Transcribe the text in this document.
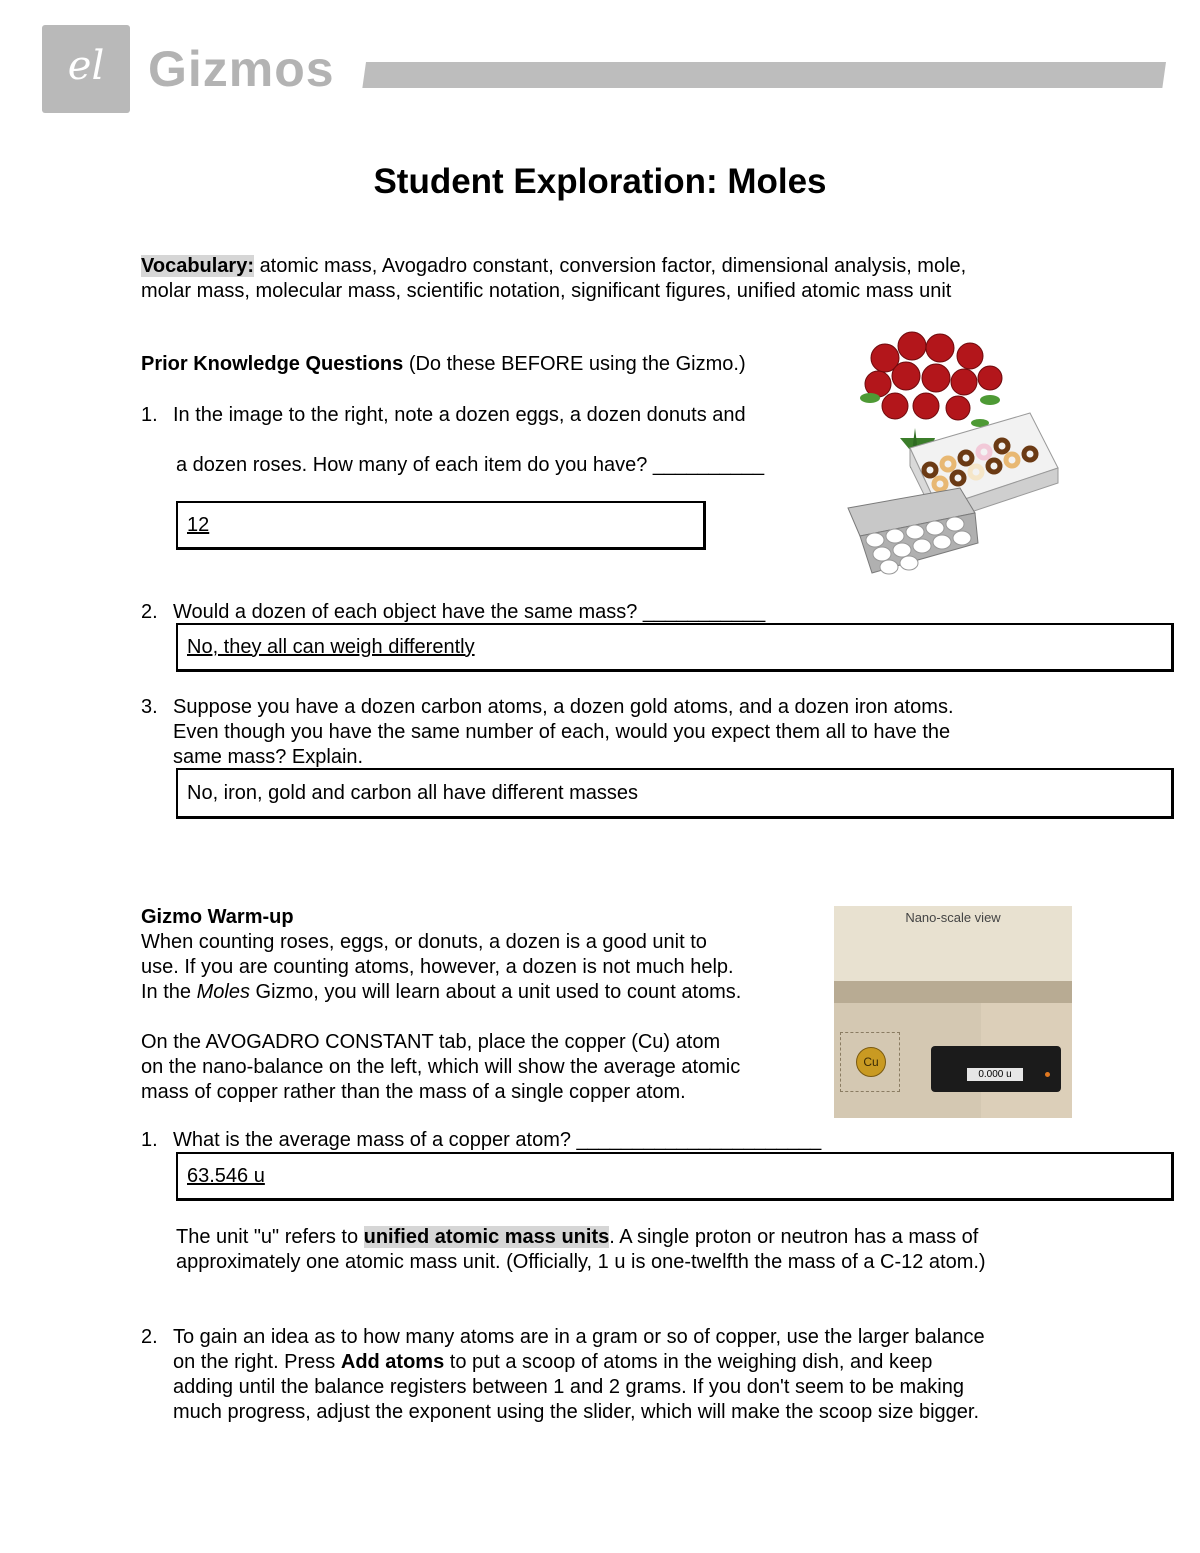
el Gizmos
Student Exploration: Moles
Vocabulary: atomic mass, Avogadro constant, conversion factor, dimensional analysis, mole,
molar mass, molecular mass, scientific notation, significant figures, unified atomic mass unit
Prior Knowledge Questions (Do these BEFORE using the Gizmo.)
1. In the image to the right, note a dozen eggs, a dozen donuts and
a dozen roses. How many of each item do you have? __________
12
2. Would a dozen of each object have the same mass? ___________
No, they all can weigh differently
3. Suppose you have a dozen carbon atoms, a dozen gold atoms, and a dozen iron atoms.
Even though you have the same number of each, would you expect them all to have the
same mass? Explain.
No, iron, gold and carbon all have different masses
Gizmo Warm-up
When counting roses, eggs, or donuts, a dozen is a good unit to
use. If you are counting atoms, however, a dozen is not much help.
In the Moles Gizmo, you will learn about a unit used to count atoms.
On the AVOGADRO CONSTANT tab, place the copper (Cu) atom
on the nano-balance on the left, which will show the average atomic
mass of copper rather than the mass of a single copper atom.
Nano-scale view
Cu
0.000 u
1. What is the average mass of a copper atom? ______________________
63.546 u
The unit "u" refers to unified atomic mass units. A single proton or neutron has a mass of
approximately one atomic mass unit. (Officially, 1 u is one-twelfth the mass of a C-12 atom.)
2. To gain an idea as to how many atoms are in a gram or so of copper, use the larger balance
on the right. Press Add atoms to put a scoop of atoms in the weighing dish, and keep
adding until the balance registers between 1 and 2 grams. If you don't seem to be making
much progress, adjust the exponent using the slider, which will make the scoop size bigger.
